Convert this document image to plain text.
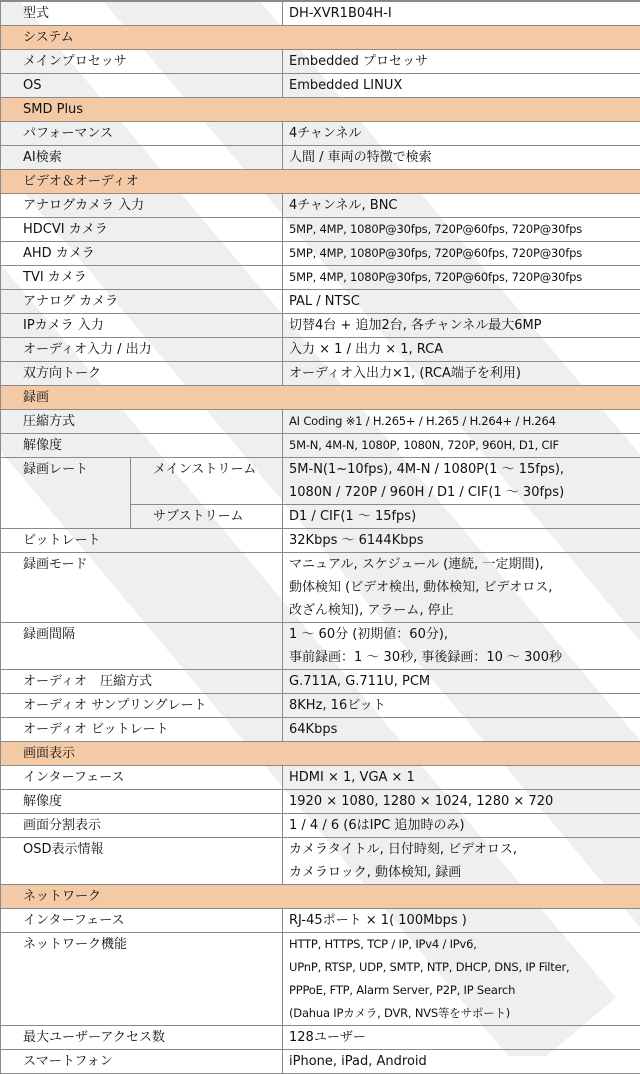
型式		DH-XVR1B04H-I
システム		
メインプロセッサ		Embedded プロセッサ
OS		Embedded LINUX
SMD Plus		
パフォーマンス		4チャンネル
AI検索		人間 / 車両の特徴で検索
ビデオ＆オーディオ		
アナログカメラ 入力		4チャンネル, BNC
HDCVI カメラ		5MP, 4MP, 1080P@30fps, 720P@60fps, 720P@30fps
AHD カメラ		5MP, 4MP, 1080P@30fps, 720P@60fps, 720P@30fps
TVI カメラ		5MP, 4MP, 1080P@30fps, 720P@60fps, 720P@30fps
アナログ カメラ		PAL / NTSC
IPカメラ 入力		切替4台 + 追加2台, 各チャンネル最大6MP
オーディオ入力 / 出力		入力 × 1 / 出力 × 1, RCA
双方向トーク		オーディオ入出力×1, (RCA端子を利用)
録画		
圧縮方式		AI Coding ※1 / H.265+ / H.265 / H.264+ / H.264
解像度		5M-N, 4M-N, 1080P, 1080N, 720P, 960H, D1, CIF
録画レート	メインストリーム	5M-N(1~10fps), 4M-N / 1080P(1 ～ 15fps),
1080N / 720P / 960H / D1 / CIF(1 ～ 30fps)

	サブストリーム	D1 / CIF(1 ～ 15fps)
ビットレート		32Kbps ～ 6144Kbps
録画モード		マニュアル, スケジュール (連続, 一定期間),
動体検知 (ビデオ検出, 動体検知, ビデオロス,
改ざん検知), アラーム, 停止

録画間隔		1 ～ 60分 (初期値：60分),
事前録画：1 ～ 30秒, 事後録画：10 ～ 300秒

オーディオ　圧縮方式		G.711A, G.711U, PCM
オーディオ サンプリングレート		8KHz, 16ビット
オーディオ ビットレート		64Kbps
画面表示		
インターフェース		HDMI × 1, VGA × 1
解像度		1920 × 1080, 1280 × 1024, 1280 × 720
画面分割表示		1 / 4 / 6 (6はIPC 追加時のみ)
OSD表示情報		カメラタイトル, 日付時刻, ビデオロス,
カメラロック, 動体検知, 録画

ネットワーク		
インターフェース		RJ-45ポート × 1( 100Mbps )
ネットワーク機能		HTTP, HTTPS, TCP / IP, IPv4 / IPv6,
UPnP, RTSP, UDP, SMTP, NTP, DHCP, DNS, IP Filter,
PPPoE, FTP, Alarm Server, P2P, IP Search
(Dahua IPカメラ, DVR, NVS等をサポート)

最大ユーザーアクセス数		128ユーザー
スマートフォン		iPhone, iPad, Android
